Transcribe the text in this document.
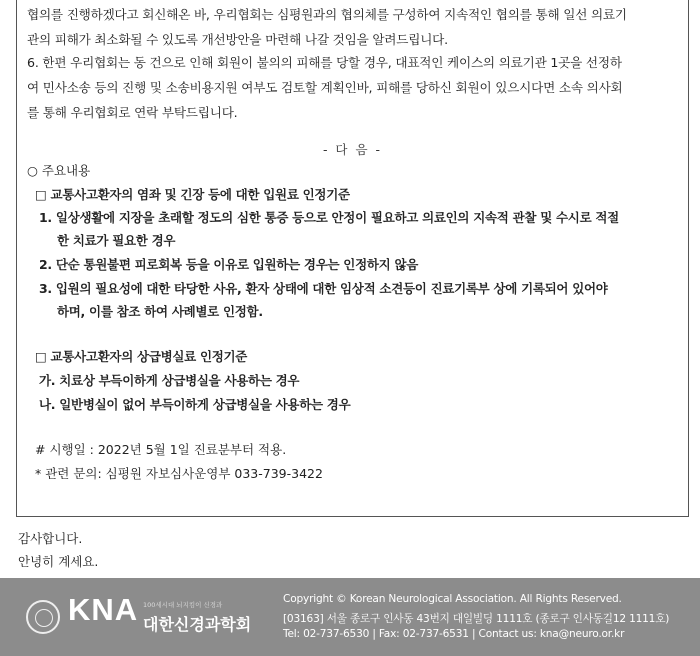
협의를 진행하겠다고 회신해온 바, 우리협회는 심평원과의 협의체를 구성하여 지속적인 협의를 통해 일선 의료기
관의 피해가 최소화될 수 있도록 개선방안을 마련해 나갈 것임을 알려드립니다.
6. 한편 우리협회는 동 건으로 인해 회원이 불의의 피해를 당할 경우, 대표적인 케이스의 의료기관 1곳을 선정하
여 민사소송 등의 진행 및 소송비용지원 여부도 검토할 계획인바, 피해를 당하신 회원이 있으시다면 소속 의사회
를 통해 우리협회로 연락 부탁드립니다.
- 다 음 -
○ 주요내용
□ 교통사고환자의 염좌 및 긴장 등에 대한 입원료 인정기준
1. 일상생활에 지장을 초래할 정도의 심한 통증 등으로 안정이 필요하고 의료인의 지속적 관찰 및 수시로 적절
한 치료가 필요한 경우
2. 단순 통원불편 피로회복 등을 이유로 입원하는 경우는 인정하지 않음
3. 입원의 필요성에 대한 타당한 사유, 환자 상태에 대한 임상적 소견등이 진료기록부 상에 기록되어 있어야
하며, 이를 참조 하여 사례별로 인정함.
□ 교통사고환자의 상급병실료 인정기준
가. 치료상 부득이하게 상급병실을 사용하는 경우
나. 일반병실이 없어 부득이하게 상급병실을 사용하는 경우
# 시행일 : 2022년 5월 1일 진료분부터 적용.
* 관련 문의: 심평원 자보심사운영부 033-739-3422
감사합니다.
안녕히 계세요.
KNA 100세시대 뇌지킴이 신경과
대한신경과학회
Copyright © Korean Neurological Association. All Rights Reserved.
[03163] 서울 종로구 인사동 43번지 대일빌딩 1111호 (종로구 인사동길12 1111호)
Tel: 02-737-6530 | Fax: 02-737-6531 | Contact us: kna@neuro.or.kr
